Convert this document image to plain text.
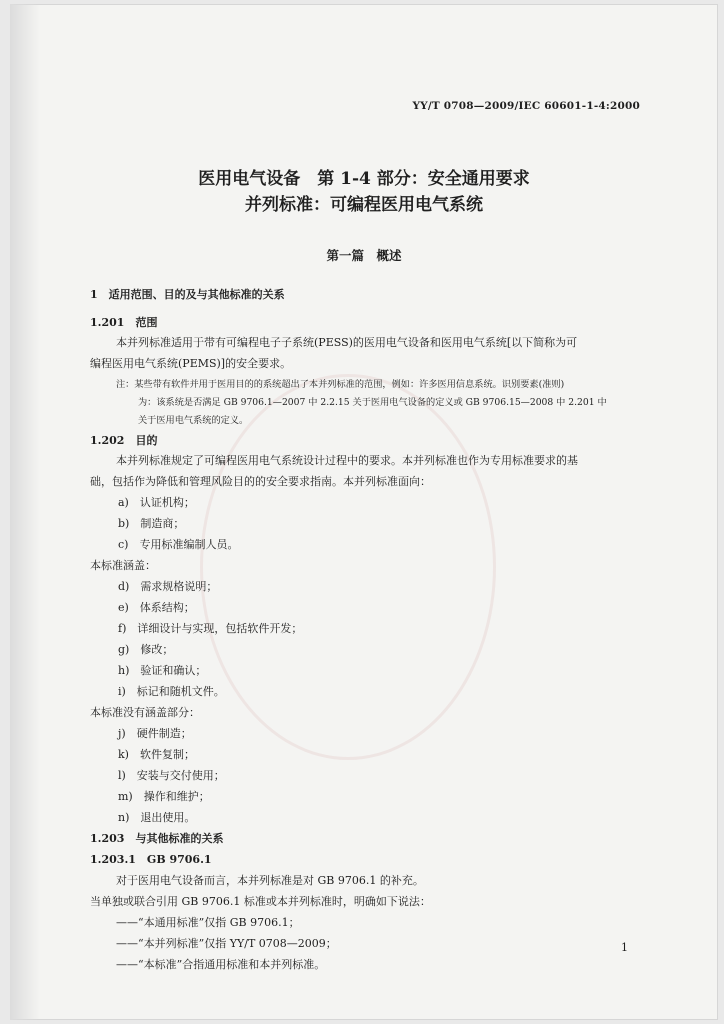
YY/T 0708—2009/IEC 60601-1-4:2000
医用电气设备　第 1-4 部分：安全通用要求
并列标准：可编程医用电气系统
第一篇　概述
1　适用范围、目的及与其他标准的关系
1.201　范围
本并列标准适用于带有可编程电子子系统(PESS)的医用电气设备和医用电气系统[以下简称为可
编程医用电气系统(PEMS)]的安全要求。
注：某些带有软件并用于医用目的的系统超出了本并列标准的范围，例如：许多医用信息系统。识别要素(准则)
为：该系统是否满足 GB 9706.1—2007 中 2.2.15 关于医用电气设备的定义或 GB 9706.15—2008 中 2.201 中
关于医用电气系统的定义。
1.202　目的
本并列标准规定了可编程医用电气系统设计过程中的要求。本并列标准也作为专用标准要求的基
础，包括作为降低和管理风险目的的安全要求指南。本并列标准面向：
a)　认证机构；
b)　制造商；
c)　专用标准编制人员。
本标准涵盖：
d)　需求规格说明；
e)　体系结构；
f)　详细设计与实现，包括软件开发；
g)　修改；
h)　验证和确认；
i)　标记和随机文件。
本标准没有涵盖部分：
j)　硬件制造；
k)　软件复制；
l)　安装与交付使用；
m)　操作和维护；
n)　退出使用。
1.203　与其他标准的关系
1.203.1　GB 9706.1
对于医用电气设备而言，本并列标准是对 GB 9706.1 的补充。
当单独或联合引用 GB 9706.1 标准或本并列标准时，明确如下说法：
——“本通用标准”仅指 GB 9706.1；
——“本并列标准”仅指 YY/T 0708—2009；
——“本标准”合指通用标准和本并列标准。
1
